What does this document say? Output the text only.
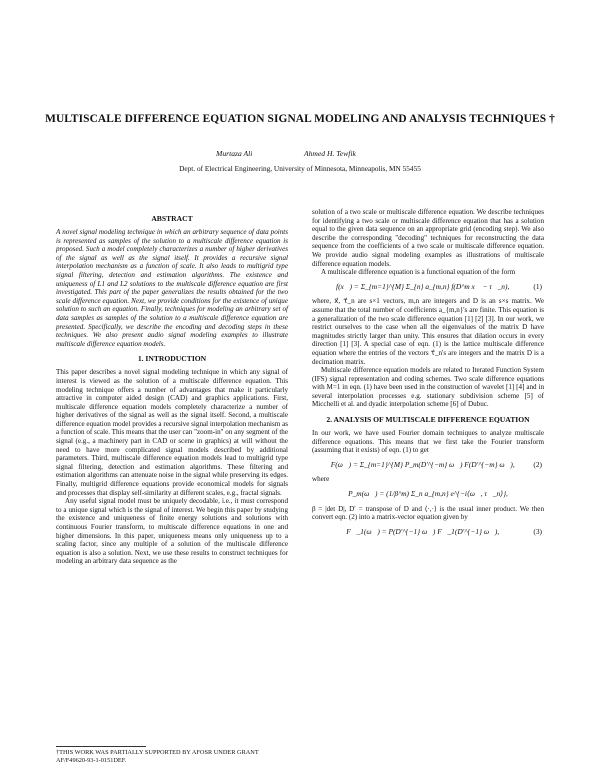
MULTISCALE DIFFERENCE EQUATION SIGNAL MODELING AND ANALYSIS TECHNIQUES †
Murtaza Ali	Ahmed H. Tewfik
Dept. of Electrical Engineering, University of Minnesota, Minneapolis, MN 55455
ABSTRACT

A novel signal modeling technique in which an arbitrary sequence of data points is represented as samples of the solution to a multiscale difference equation is proposed. Such a model completely characterizes a number of higher derivatives of the signal as well as the signal itself. It provides a recursive signal interpolation mechanism as a function of scale. It also leads to multigrid type signal filtering, detection and estimation algorithms. The existence and uniqueness of L1 and L2 solutions to the multiscale difference equation are first investigated. This part of the paper generalizes the results obtained for the two scale difference equation. Next, we provide conditions for the existence of unique solution to such an equation. Finally, techniques for modeling an arbitrary set of data samples as samples of the solution to a multiscale difference equation are presented. Specifically, we describe the encoding and decoding steps in these techniques. We also present audio signal modeling examples to illustrate multiscale difference equation models.

1. INTRODUCTION

This paper describes a novel signal modeling technique in which any signal of interest is viewed as the solution of a multiscale difference equation. This modeling technique offers a number of advantages that make it particularly attractive in computer aided design (CAD) and graphics applications. First, multiscale difference equation models completely characterize a number of higher derivatives of the signal as well as the signal itself. Second, a multiscale difference equation model provides a recursive signal interpolation mechanism as a function of scale. This means that the user can "zoom-in" on any segment of the signal (e.g., a machinery part in CAD or scene in graphics) at will without the need to have more complicated signal models described by additional parameters. Third, multiscale difference equation models lead to multigrid type signal filtering, detection and estimation algorithms. These filtering and estimation algorithms can attenuate noise in the signal while preserving its edges. Finally, multigrid difference equations provide economical models for signals and processes that display self-similarity at different scales, e.g., fractal signals.

Any useful signal model must be uniquely decodable, i.e., it must correspond to a unique signal which is the signal of interest. We begin this paper by studying the existence and uniqueness of finite energy solutions and solutions with continuous Fourier transform, to multiscale difference equations in one and higher dimensions. In this paper, uniqueness means only uniqueness up to a scaling factor, since any multiple of a solution of the multiscale difference equation is also a solution. Next, we use these results to construct techniques for modeling an arbitrary data sequence as the

solution of a two scale or multiscale difference equation. We describe techniques for identifying a two scale or multiscale difference equation that has a solution equal to the given data sequence on an appropriate grid (encoding step). We also describe the corresponding "decoding" techniques for reconstructing the data sequence from the coefficients of a two scale or multiscale difference equation. We provide audio signal modeling examples as illustrations of multiscale difference equation models.

A multiscale difference equation is a functional equation of the form

f(x⃗) = Σ_{m=1}^{M} Σ_{n} a_{m,n} f(D^m x⃗ − τ⃗_n),	(1)

where, x⃗, τ⃗_n are s×1 vectors, m,n are integers and D is an s×s matrix. We assume that the total number of coefficients a_{m,n}'s are finite. This equation is a generalization of the two scale difference equation [1] [2] [3]. In our work, we restrict ourselves to the case when all the eigenvalues of the matrix D have magnitudes strictly larger than unity. This ensures that dilation occurs in every direction [1] [3]. A special case of eqn. (1) is the lattice multiscale difference equation where the entries of the vectors τ⃗_n's are integers and the matrix D is a decimation matrix.

Multiscale difference equation models are related to Iterated Function System (IFS) signal representation and coding schemes. Two scale difference equations with M=1 in eqn. (1) have been used in the construction of wavelet [1] [4] and in several interpolation processes e.g. stationary subdivision scheme [5] of Micchelli et al. and dyadic interpolation scheme [6] of Dubuc.

2. ANALYSIS OF MULTISCALE DIFFERENCE EQUATION

In our work, we have used Fourier domain techniques to analyze multiscale difference equations. This means that we first take the Fourier transform (assuming that it exists) of eqn. (1) to get

F(ω⃗) = Σ_{m=1}^{M} P_m(D′^{−m} ω⃗) F(D′^{−m} ω⃗),	(2)

where

P_m(ω⃗) = (1/β^m) Σ_n a_{m,n} e^{−i⟨ω⃗, τ⃗_n⟩},

β = |det D|, D′ = transpose of D and ⟨·,·⟩ is the usual inner product. We then convert eqn. (2) into a matrix-vector equation given by

F⃗_1(ω⃗) = P(D′^{−1} ω⃗) F⃗_1(D′^{−1} ω⃗),	(3)
†THIS WORK WAS PARTIALLY SUPPORTED BY AFOSR UNDER GRANT AF/F49620-93-1-0151DEF.
